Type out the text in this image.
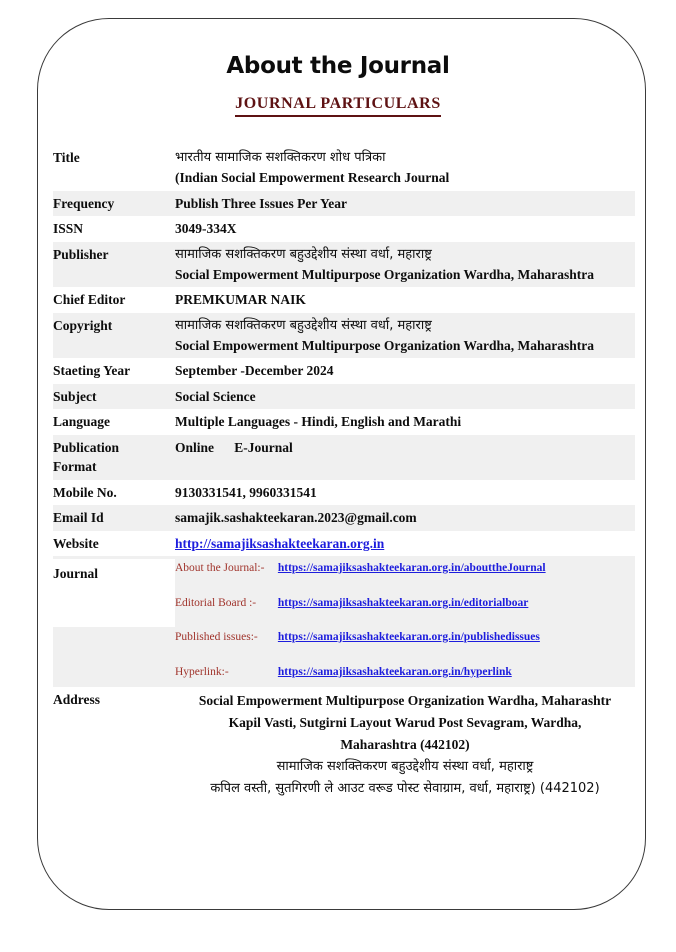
About the Journal
JOURNAL PARTICULARS
Title	भारतीय सामाजिक सशक्तिकरण शोध पत्रिका
(Indian Social Empowerment Research Journal

Frequency	Publish Three Issues Per Year
ISSN	3049-334X
Publisher	सामाजिक सशक्तिकरण बहुउद्देशीय संस्था वर्धा, महाराष्ट्र
Social Empowerment Multipurpose Organization Wardha, Maharashtra

Chief Editor	PREMKUMAR NAIK
Copyright	सामाजिक सशक्तिकरण बहुउद्देशीय संस्था वर्धा, महाराष्ट्र
Social Empowerment Multipurpose Organization Wardha, Maharashtra

Staeting Year	September -December 2024
Subject	Social Science
Language	Multiple Languages - Hindi, English and Marathi

Publication
Format	Online E-Journal
Mobile No.	9130331541, 9960331541
Email Id	samajik.sashakteekaran.2023@gmail.com
Website	http://samajiksashakteekaran.org.in

Journal	About the Journal:- https://samajiksashakteekaran.org.in/abouttheJournal
Editorial Board :- https://samajiksashakteekaran.org.in/editorialboar
Published issues:- https://samajiksashakteekaran.org.in/publishedissues
Hyperlink:- https://samajiksashakteekaran.org.in/hyperlink

Address	Social Empowerment Multipurpose Organization Wardha, Maharashtr
Kapil Vasti, Sutgirni Layout Warud Post Sevagram, Wardha,
Maharashtra (442102)
सामाजिक सशक्तिकरण बहुउद्देशीय संस्था वर्धा, महाराष्ट्र
कपिल वस्ती, सुतगिरणी ले आउट वरूड पोस्ट सेवाग्राम, वर्धा, महाराष्ट्र) (442102)
